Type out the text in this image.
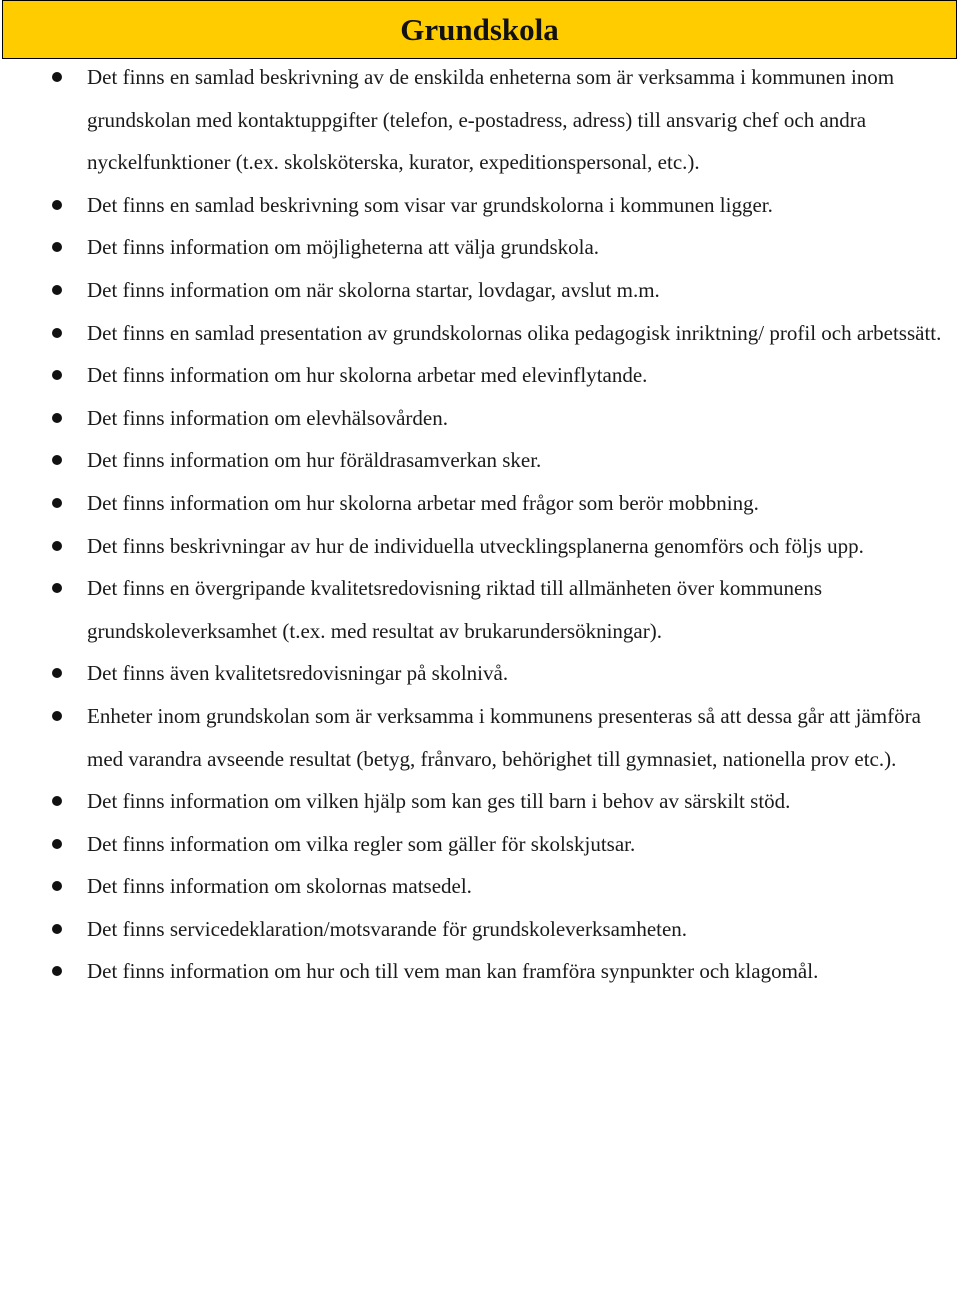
Grundskola
Det finns en samlad beskrivning av de enskilda enheterna som är verksamma i kommunen inom grundskolan med kontaktuppgifter (telefon, e-postadress, adress) till ansvarig chef och andra nyckelfunktioner (t.ex. skolsköterska, kurator, expeditionspersonal, etc.).
Det finns en samlad beskrivning som visar var grundskolorna i kommunen ligger.
Det finns information om möjligheterna att välja grundskola.
Det finns information om när skolorna startar, lovdagar, avslut m.m.
Det finns en samlad presentation av grundskolornas olika pedagogisk inriktning/ profil och arbetssätt.
Det finns information om hur skolorna arbetar med elevinflytande.
Det finns information om elevhälsovården.
Det finns information om hur föräldrasamverkan sker.
Det finns information om hur skolorna arbetar med frågor som berör mobbning.
Det finns beskrivningar av hur de individuella utvecklingsplanerna genomförs och följs upp.
Det finns en övergripande kvalitetsredovisning riktad till allmänheten över kommunens grundskoleverksamhet (t.ex. med resultat av brukarundersökningar).
Det finns även kvalitetsredovisningar på skolnivå.
Enheter inom grundskolan som är verksamma i kommunens presenteras så att dessa går att jämföra med varandra avseende resultat (betyg, frånvaro, behörighet till gymnasiet, nationella prov etc.).
Det finns information om vilken hjälp som kan ges till barn i behov av särskilt stöd.
Det finns information om vilka regler som gäller för skolskjutsar.
Det finns information om skolornas matsedel.
Det finns servicedeklaration/motsvarande för grundskoleverksamheten.
Det finns information om hur och till vem man kan framföra synpunkter och klagomål.
